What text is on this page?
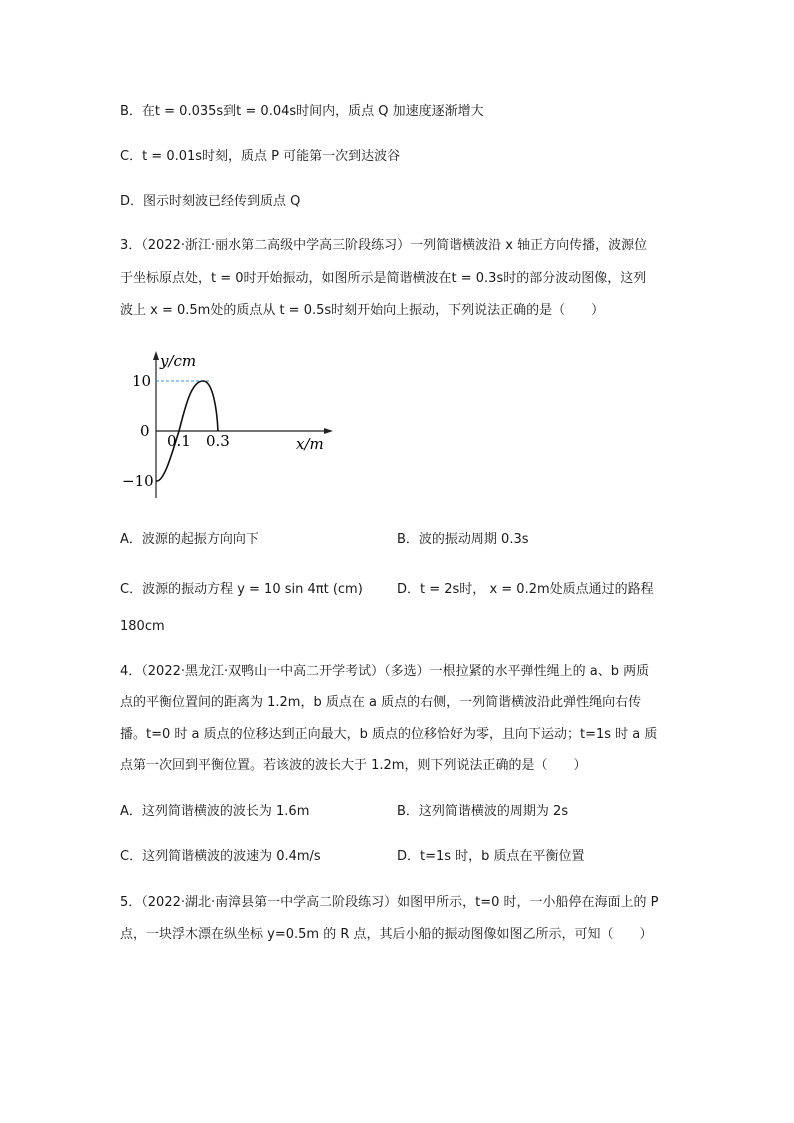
B．在t = 0.035s到t = 0.04s时间内，质点 Q 加速度逐渐增大
C．t = 0.01s时刻，质点 P 可能第一次到达波谷
D．图示时刻波已经传到质点 Q
3．（2022·浙江·丽水第二高级中学高三阶段练习）一列简谐横波沿 x 轴正方向传播，波源位
于坐标原点处，t = 0时开始振动，如图所示是简谐横波在t = 0.3s时的部分波动图像，这列
波上 x = 0.5m处的质点从 t = 0.5s时刻开始向上振动，下列说法正确的是（　　）
y/cm
x/m
10
0
−10
0.1 0.3
A．波源的起振方向向下	B．波的振动周期 0.3s
C．波源的振动方程 y = 10 sin 4πt (cm)	D．t = 2s时， x = 0.2m处质点通过的路程
180cm
4．（2022·黑龙江·双鸭山一中高二开学考试）（多选）一根拉紧的水平弹性绳上的 a、b 两质
点的平衡位置间的距离为 1.2m，b 质点在 a 质点的右侧，一列简谐横波沿此弹性绳向右传
播。t=0 时 a 质点的位移达到正向最大，b 质点的位移恰好为零，且向下运动；t=1s 时 a 质
点第一次回到平衡位置。若该波的波长大于 1.2m，则下列说法正确的是（　　）
A．这列简谐横波的波长为 1.6m	B．这列简谐横波的周期为 2s
C．这列简谐横波的波速为 0.4m/s	D．t=1s 时，b 质点在平衡位置
5．（2022·湖北·南漳县第一中学高二阶段练习）如图甲所示，t=0 时，一小船停在海面上的 P
点，一块浮木漂在纵坐标 y=0.5m 的 R 点，其后小船的振动图像如图乙所示，可知（　　）
